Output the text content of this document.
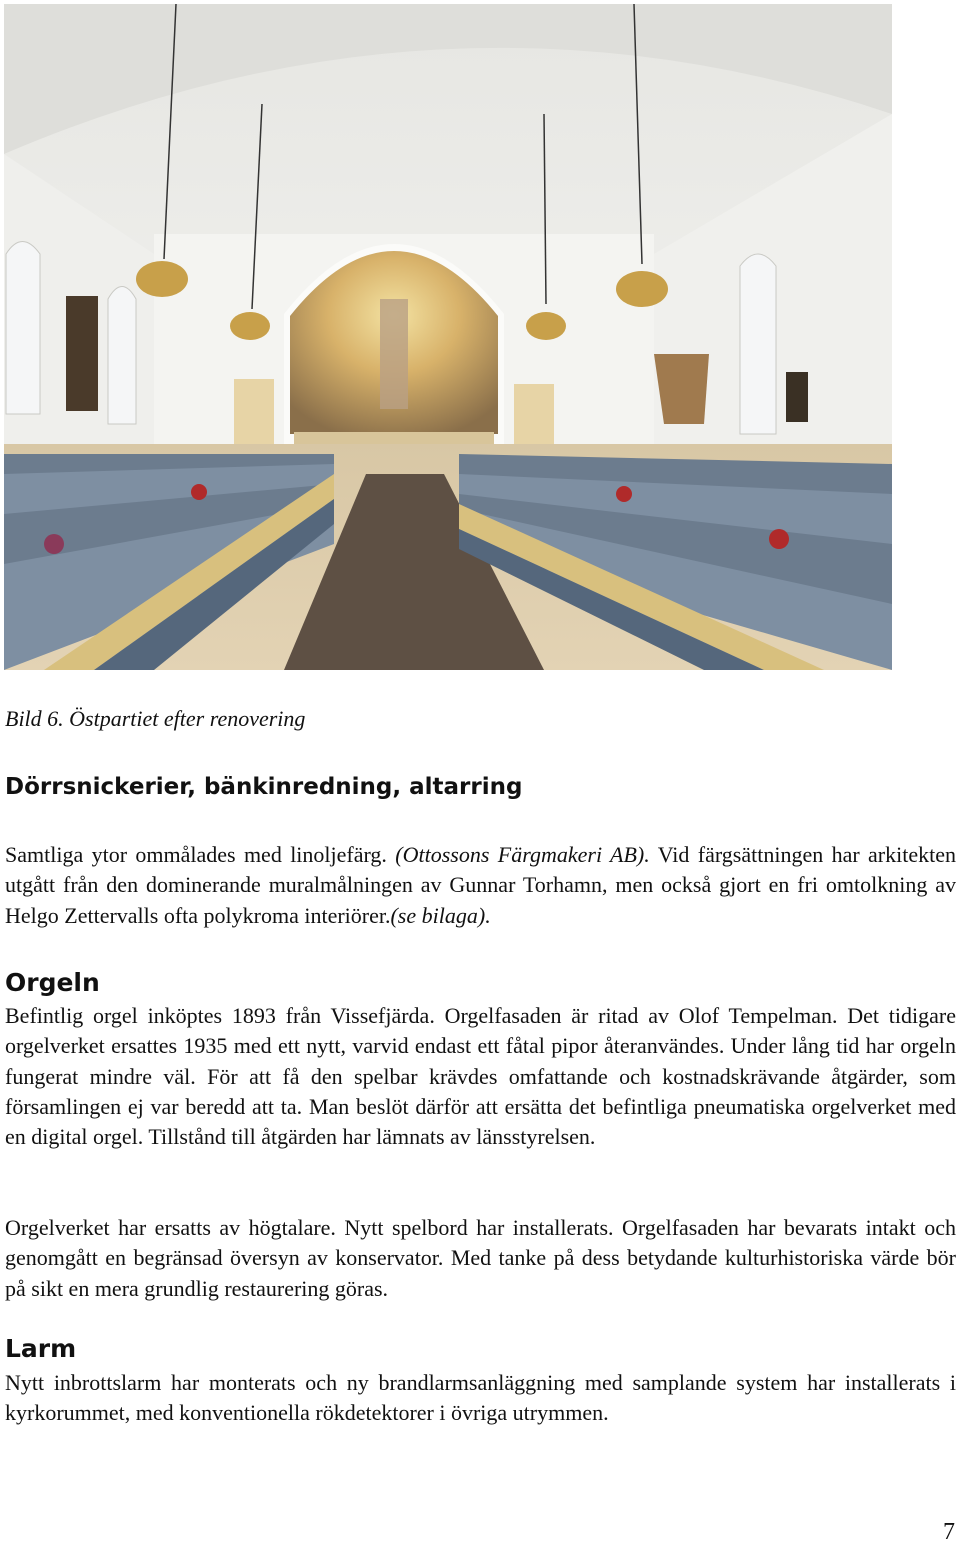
Bild 6. Östpartiet efter renovering

Dörrsnickerier, bänkinredning, altarring

Samtliga ytor ommålades med linoljefärg. (Ottossons Färgmakeri AB). Vid färgsättningen har arkitekten utgått från den dominerande muralmålningen av Gunnar Torhamn, men också gjort en fri omtolkning av Helgo Zettervalls ofta polykroma interiörer.(se bilaga).

Orgeln

Befintlig orgel inköptes 1893 från Vissefjärda. Orgelfasaden är ritad av Olof Tempelman. Det tidigare orgelverket ersattes 1935 med ett nytt, varvid endast ett fåtal pipor återanvändes. Under lång tid har orgeln fungerat mindre väl. För att få den spelbar krävdes omfattande och kostnadskrävande åtgärder, som församlingen ej var beredd att ta. Man beslöt därför att ersätta det befintliga pneumatiska orgelverket med en digital orgel. Tillstånd till åtgärden har lämnats av länsstyrelsen.

Orgelverket har ersatts av högtalare. Nytt spelbord har installerats. Orgelfasaden har bevarats intakt och genomgått en begränsad översyn av konservator. Med tanke på dess betydande kulturhistoriska värde bör på sikt en mera grundlig restaurering göras.

Larm

Nytt inbrottslarm har monterats och ny brandlarmsanläggning med samplande system har installerats i kyrkorummet, med konventionella rökdetektorer i övriga utrymmen.

7
